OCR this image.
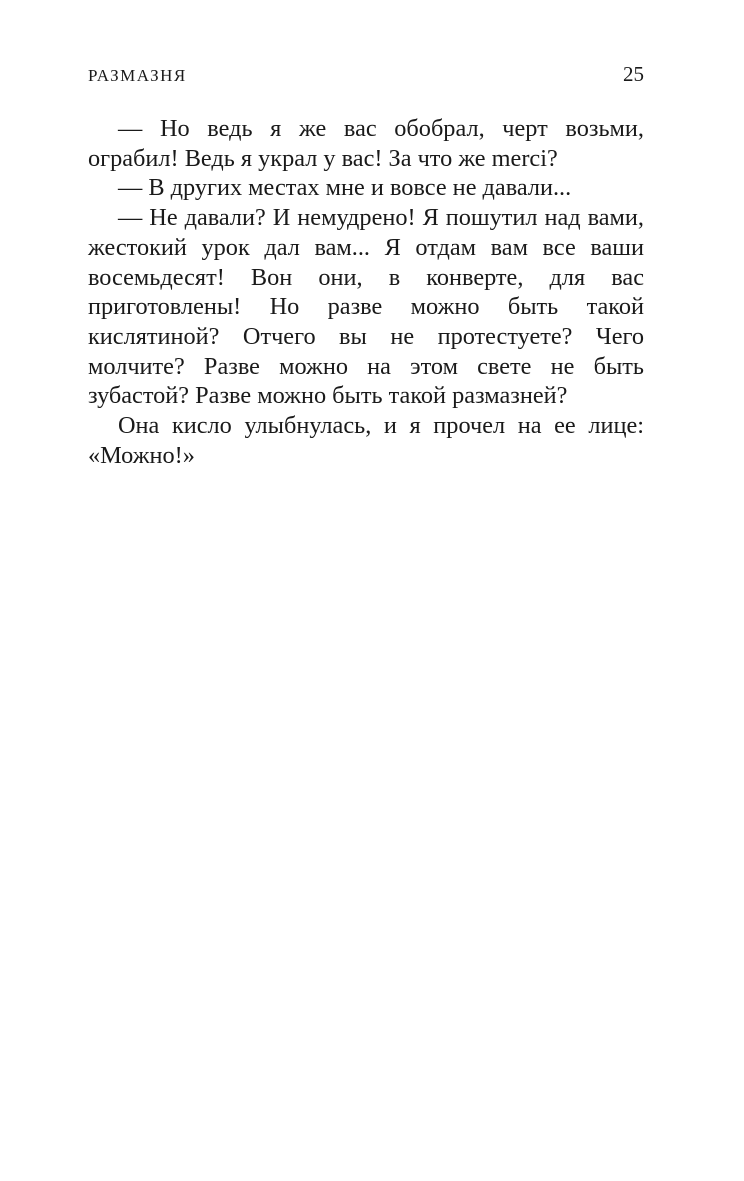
РАЗМАЗНЯ	25

— Но ведь я же вас обобрал, черт возьми, ограбил! Ведь я украл у вас! За что же merci?

— В других местах мне и вовсе не давали...

— Не давали? И немудрено! Я пошутил над вами, жестокий урок дал вам... Я отдам вам все ваши восемьдесят! Вон они, в конверте, для вас приготовлены! Но разве можно быть такой кислятиной? Отчего вы не протестуете? Чего молчите? Разве можно на этом свете не быть зубастой? Разве можно быть такой размазней?

Она кисло улыбнулась, и я прочел на ее лице: «Можно!»
